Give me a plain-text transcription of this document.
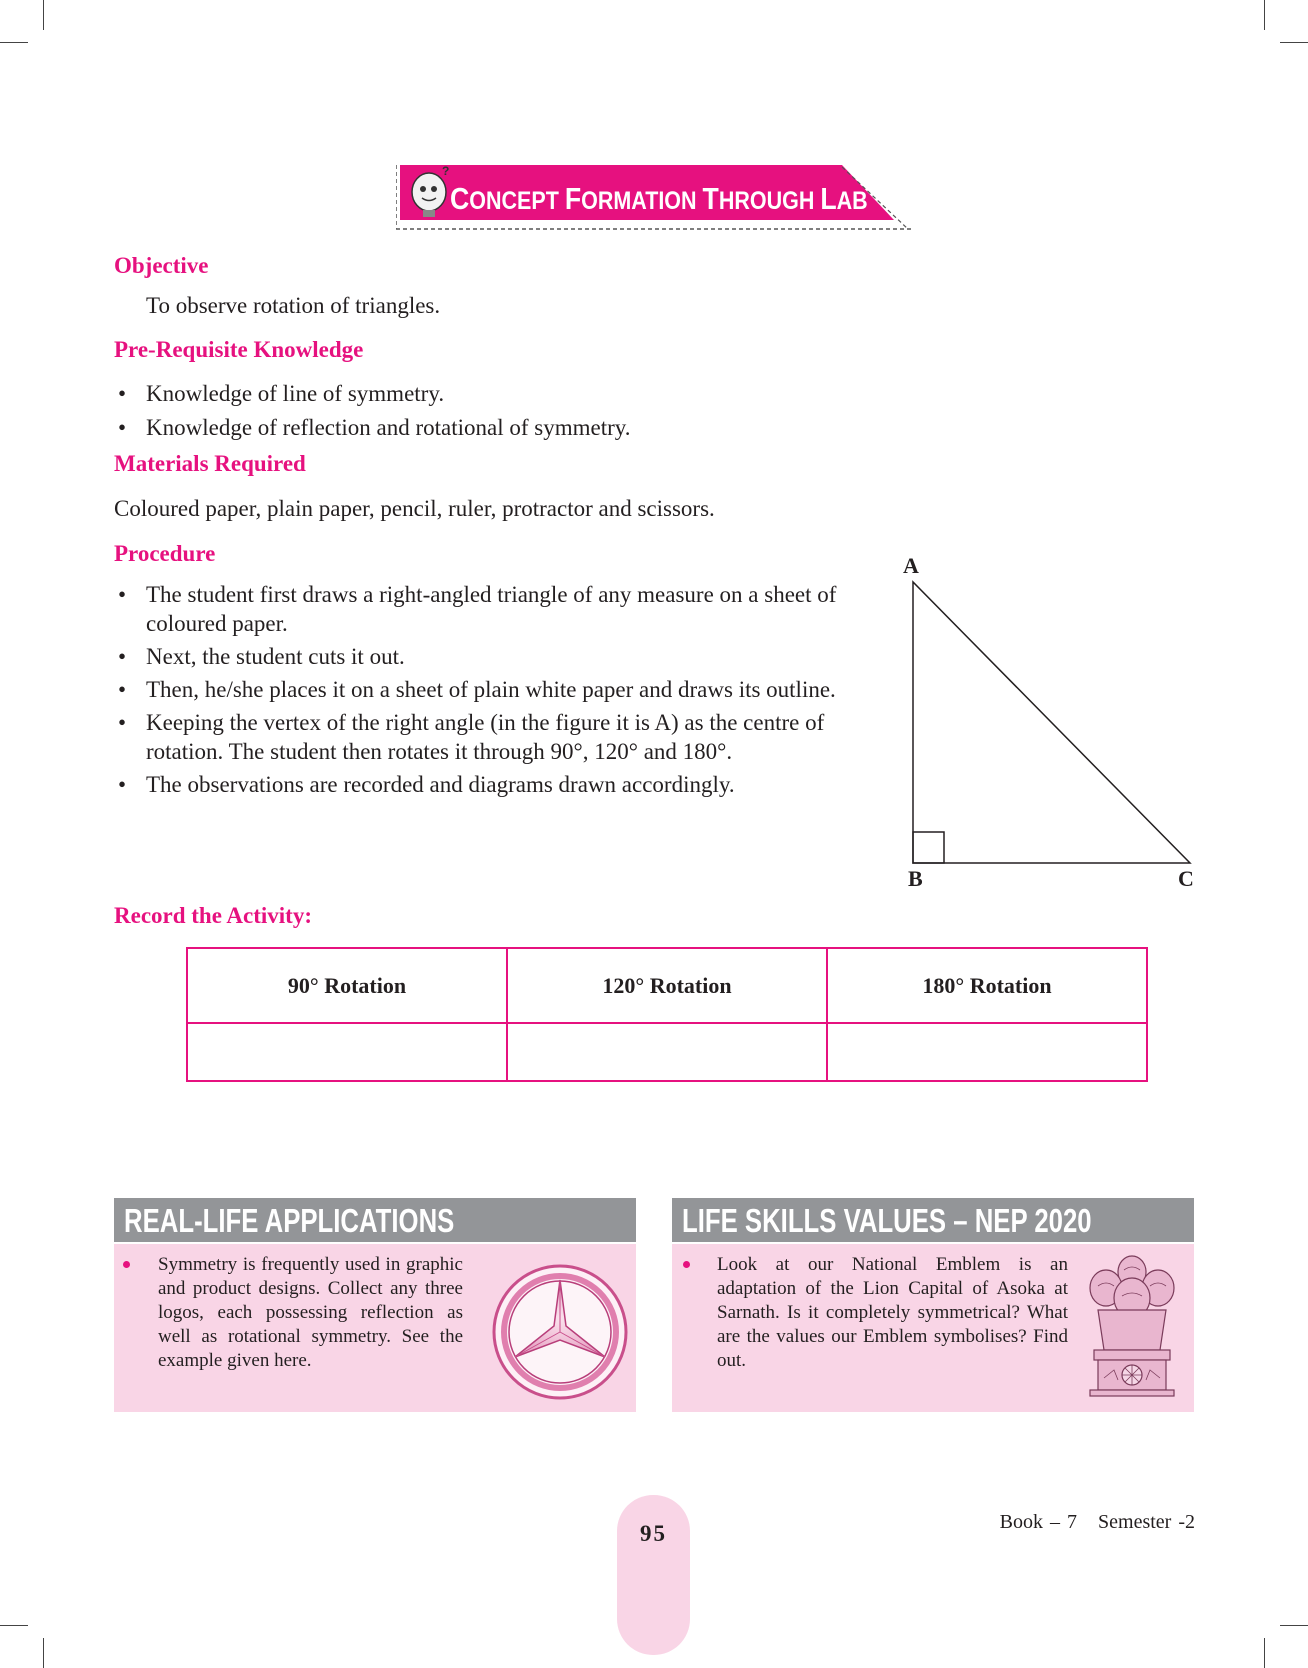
?
CONCEPT FORMATION THROUGH LAB
Objective
To observe rotation of triangles.
Pre-Requisite Knowledge
• Knowledge of line of symmetry.
• Knowledge of reflection and rotational of symmetry.
Materials Required
Coloured paper, plain paper, pencil, ruler, protractor and scissors.
Procedure
• The student first draws a right-angled triangle of any measure on a sheet of coloured paper.
• Next, the student cuts it out.
• Then, he/she places it on a sheet of plain white paper and draws its outline.
• Keeping the vertex of the right angle (in the figure it is A) as the centre of rotation. The student then rotates it through 90°, 120° and 180°.
• The observations are recorded and diagrams drawn accordingly.
A
B	C
Record the Activity:
90° Rotation	120° Rotation	180° Rotation

REAL-LIFE APPLICATIONS
Symmetry is frequently used in graphic and product designs. Collect any three logos, each possessing reflection as well as rotational symmetry. See the example given here.
LIFE SKILLS VALUES – NEP 2020
Look at our National Emblem is an adaptation of the Lion Capital of Asoka at Sarnath. Is it completely symmetrical? What are the values our Emblem symbolises? Find out.
95	Book – 7 Semester -2
